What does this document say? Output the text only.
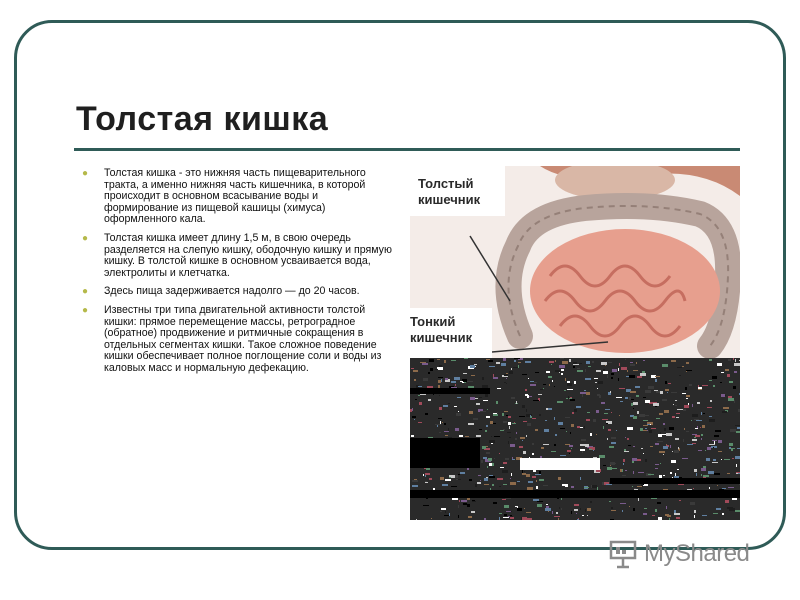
Толстая кишка
● Толстая кишка - это нижняя часть пищеварительного тракта, а именно нижняя часть кишечника, в которой происходит в основном всасывание воды и формирование из пищевой кашицы (химуса) оформленного кала.
● Толстая кишка имеет длину 1,5 м, в свою очередь разделяется на слепую кишку, ободочную кишку и прямую кишку. В толстой кишке в основном усваивается вода, электролиты и клетчатка.
● Здесь пища задерживается надолго — до 20 часов.
● Известны три типа двигательной активности толстой кишки: прямое перемещение массы, ретроградное (обратное) продвижение и ритмичные сокращения в отдельных сегментах кишки. Такое сложное поведение кишки обеспечивает полное поглощение соли и воды из каловых масс и нормальную дефекацию.
Толстый
кишечник
Тонкий
кишечник
MyShared
